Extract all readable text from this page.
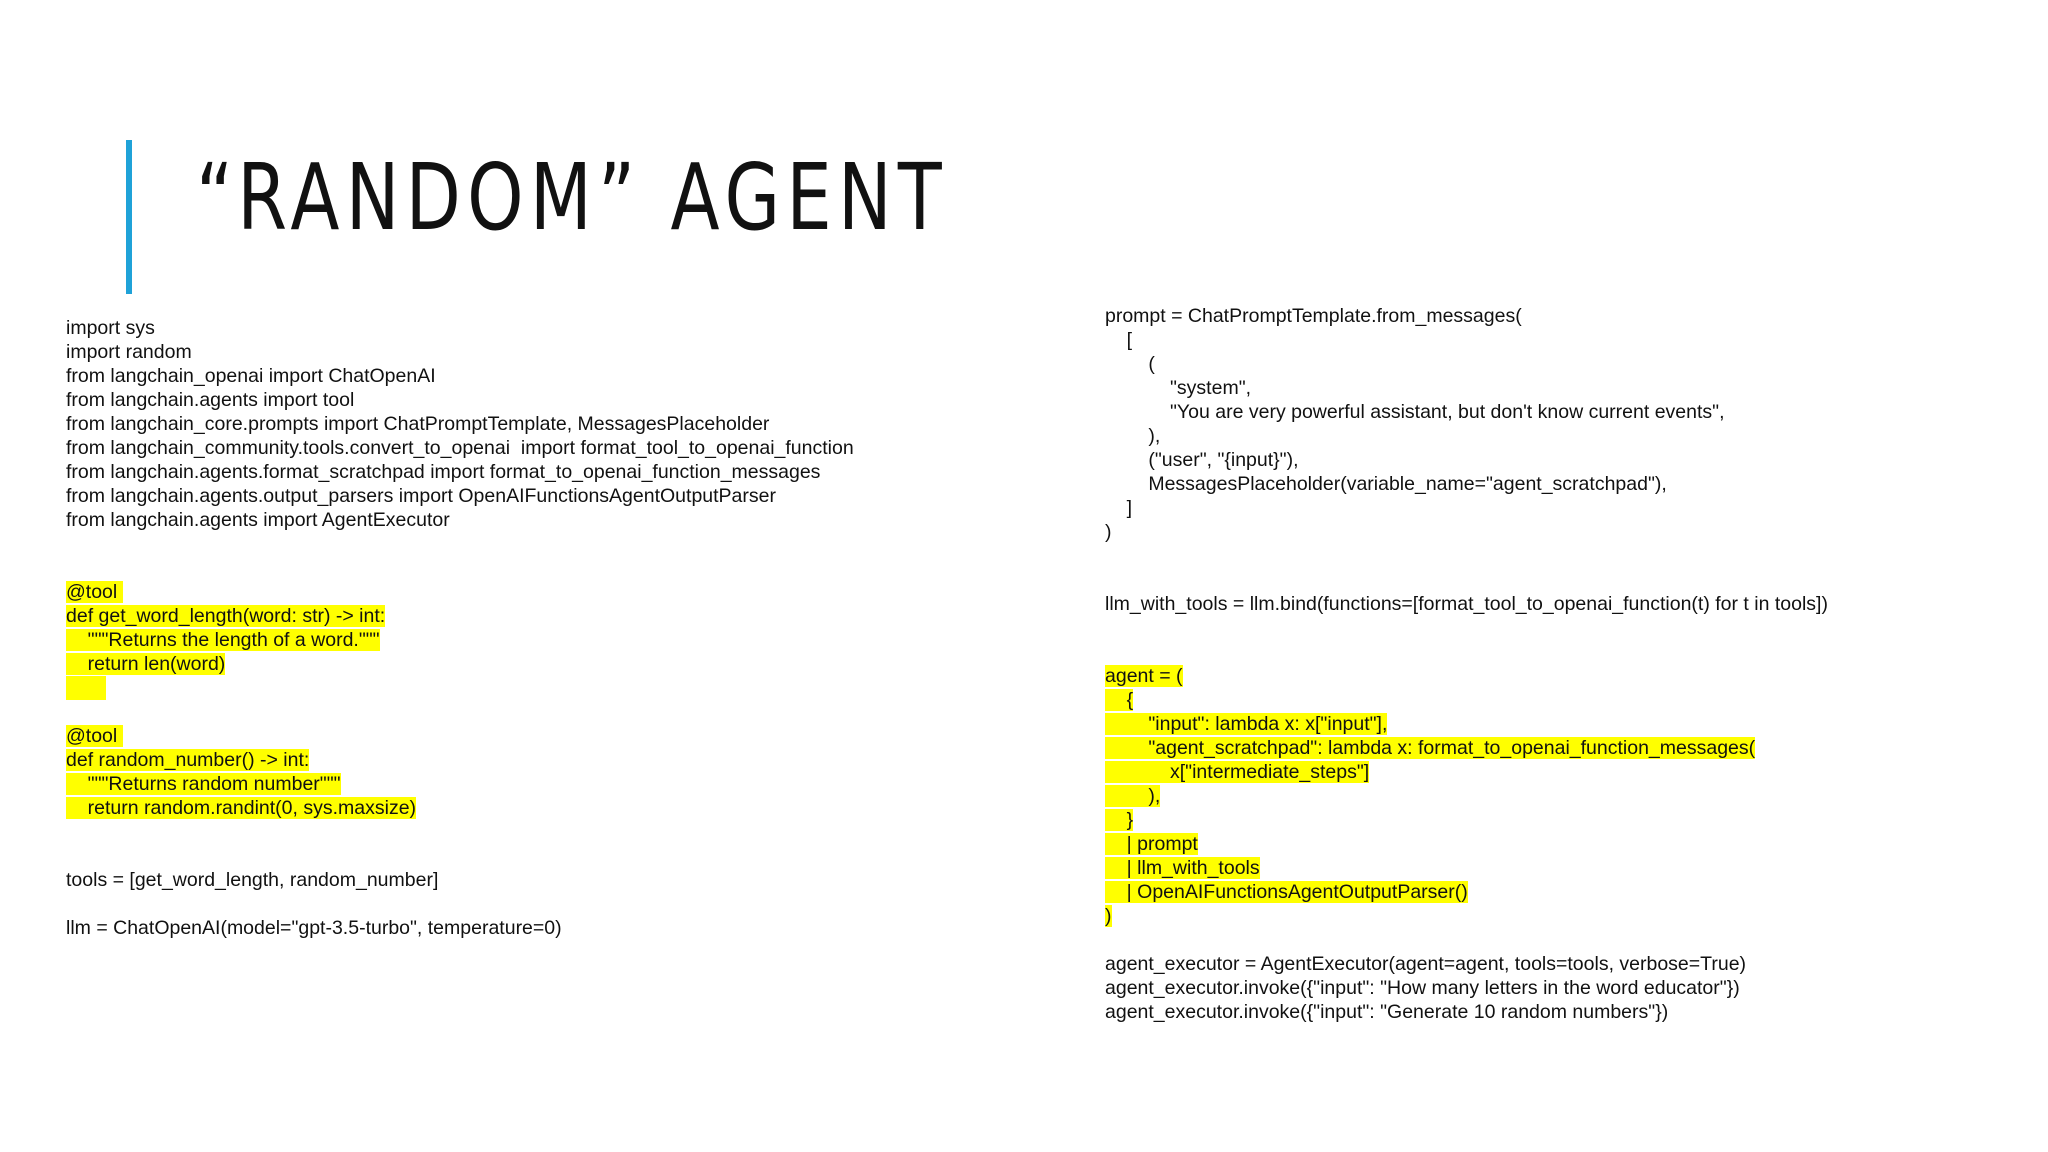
“RANDOM” AGENT
import sys
import random
from langchain_openai import ChatOpenAI
from langchain.agents import tool
from langchain_core.prompts import ChatPromptTemplate, MessagesPlaceholder
from langchain_community.tools.convert_to_openai  import format_tool_to_openai_function
from langchain.agents.format_scratchpad import format_to_openai_function_messages
from langchain.agents.output_parsers import OpenAIFunctionsAgentOutputParser
from langchain.agents import AgentExecutor
@tool
def get_word_length(word: str) -> int:
"""Returns the length of a word."""
return len(word)
@tool
def random_number() -> int:
"""Returns random number"""
return random.randint(0, sys.maxsize)
tools = [get_word_length, random_number]
llm = ChatOpenAI(model="gpt-3.5-turbo", temperature=0)
prompt = ChatPromptTemplate.from_messages(
[
(
"system",
"You are very powerful assistant, but don't know current events",
),
("user", "{input}"),
MessagesPlaceholder(variable_name="agent_scratchpad"),
]
)
llm_with_tools = llm.bind(functions=[format_tool_to_openai_function(t) for t in tools])
agent = (
{
"input": lambda x: x["input"],
"agent_scratchpad": lambda x: format_to_openai_function_messages(
x["intermediate_steps"]
),
}
| prompt
| llm_with_tools
| OpenAIFunctionsAgentOutputParser()
)
agent_executor = AgentExecutor(agent=agent, tools=tools, verbose=True)
agent_executor.invoke({"input": "How many letters in the word educator"})
agent_executor.invoke({"input": "Generate 10 random numbers"})
